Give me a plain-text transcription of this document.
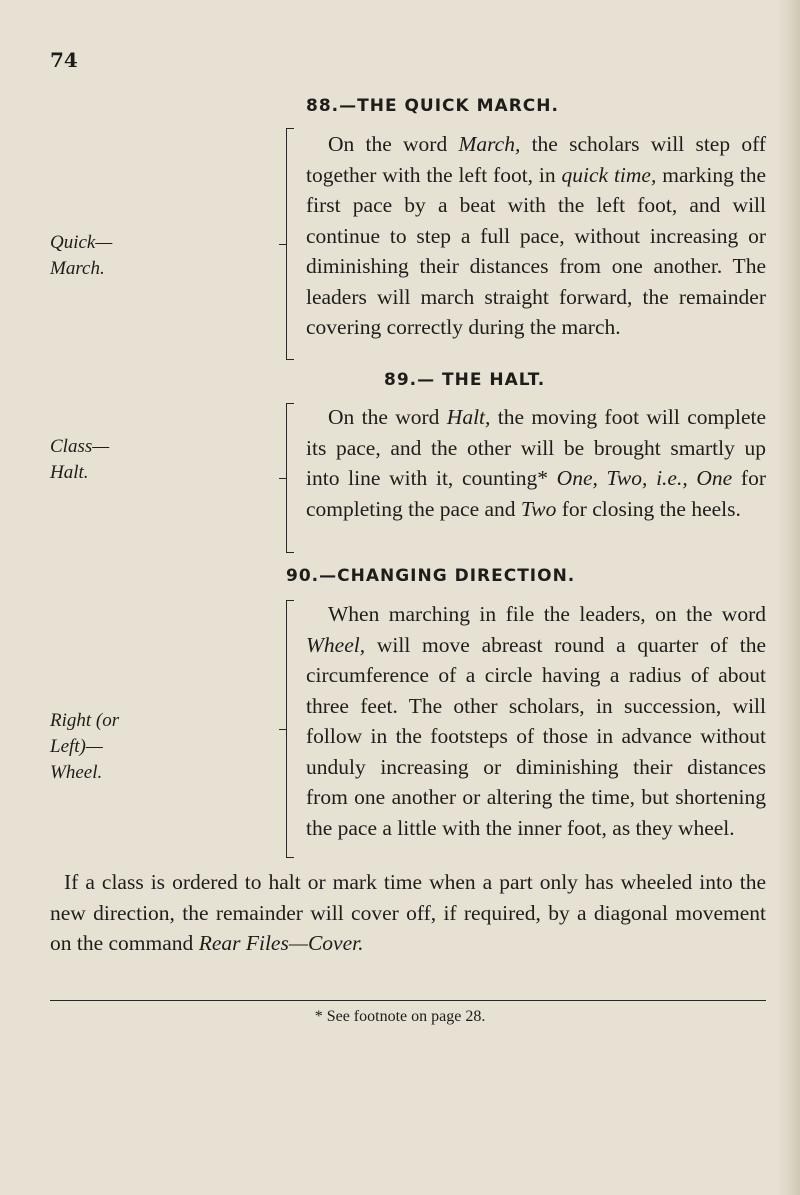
74
88.—THE QUICK MARCH.
Quick—
March.

On the word March, the scholars will step off together with the left foot, in quick time, marking the first pace by a beat with the left foot, and will continue to step a full pace, without increasing or diminishing their distances from one another. The leaders will march straight forward, the remainder covering correctly during the march.

89.— THE HALT.
Class—
Halt.

On the word Halt, the moving foot will complete its pace, and the other will be brought smartly up into line with it, counting* One, Two, i.e., One for completing the pace and Two for closing the heels.

90.—CHANGING DIRECTION.
Right (or
Left)—
Wheel.

When marching in file the leaders, on the word Wheel, will move abreast round a quarter of the circumference of a circle having a radius of about three feet. The other scholars, in succession, will follow in the footsteps of those in advance without unduly increasing or diminishing their distances from one another or altering the time, but shortening the pace a little with the inner foot, as they wheel.

If a class is ordered to halt or mark time when a part only has wheeled into the new direction, the remainder will cover off, if required, by a diagonal movement on the command Rear Files—Cover.

* See footnote on page 28.
